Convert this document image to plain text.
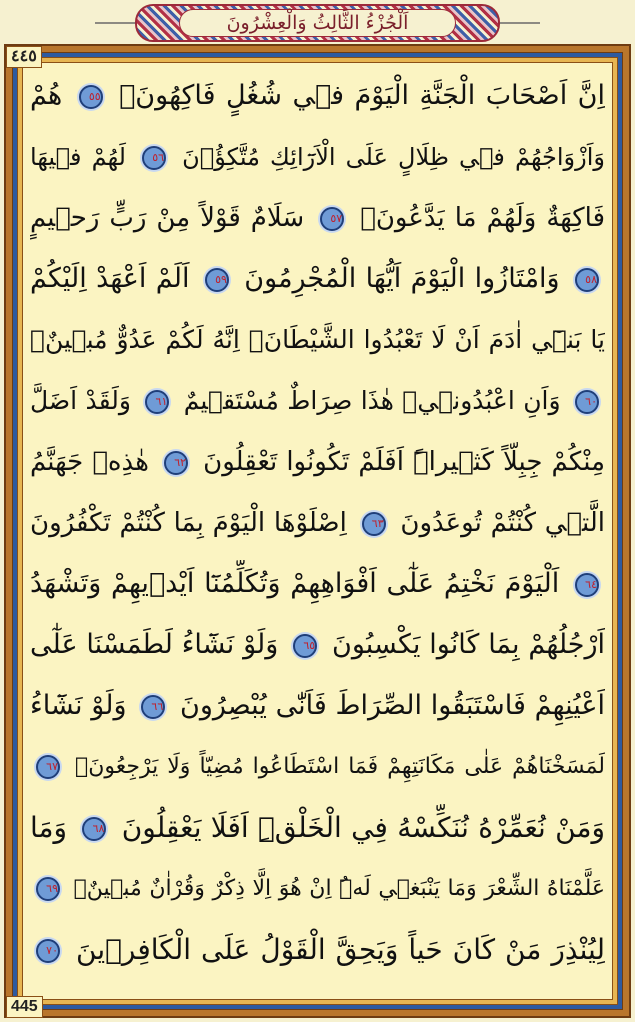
اَلْجُزْءُ الثَّالِثُ وَالْعِشْرُونَ
٤٤٥
445
اِنَّ اَصْحَابَ الْجَنَّةِ الْيَوْمَ ف۪ي شُغُلٍ فَاكِهُونَۚ ٥٥ هُمْ
وَاَزْوَاجُهُمْ ف۪ي ظِلَالٍ عَلَى الْاَرَٓائِكِ مُتَّكِؤُ۫نَ ٥٦ لَهُمْ ف۪يهَا
فَاكِهَةٌ وَلَهُمْ مَا يَدَّعُونَۚ ٥٧ سَلَامٌ قَوْلاً مِنْ رَبٍّ رَح۪يمٍ
٥٨ وَامْتَازُوا الْيَوْمَ اَيُّهَا الْمُجْرِمُونَ ٥٩ اَلَمْ اَعْهَدْ اِلَيْكُمْ
يَا بَن۪ٓي اٰدَمَ اَنْ لَا تَعْبُدُوا الشَّيْطَانَۚ اِنَّهُ لَكُمْ عَدُوٌّ مُب۪ينٌۙ
٦٠ وَاَنِ اعْبُدُون۪يۜ هٰذَا صِرَاطٌ مُسْتَق۪يمٌ ٦١ وَلَقَدْ اَضَلَّ
مِنْكُمْ جِبِلّاً كَث۪يراًۜ اَفَلَمْ تَكُونُوا تَعْقِلُونَ ٦٢ هٰذِه۪ جَهَنَّمُ
الَّت۪ي كُنْتُمْ تُوعَدُونَ ٦٣ اِصْلَوْهَا الْيَوْمَ بِمَا كُنْتُمْ تَكْفُرُونَ
٦٤ اَلْيَوْمَ نَخْتِمُ عَلٰٓى اَفْوَاهِهِمْ وَتُكَلِّمُنَٓا اَيْد۪يهِمْ وَتَشْهَدُ
اَرْجُلُهُمْ بِمَا كَانُوا يَكْسِبُونَ ٦٥ وَلَوْ نَشَٓاءُ لَطَمَسْنَا عَلٰٓى
اَعْيُنِهِمْ فَاسْتَبَقُوا الصِّرَاطَ فَاَنّٰى يُبْصِرُونَ ٦٦ وَلَوْ نَشَٓاءُ
لَمَسَخْنَاهُمْ عَلٰى مَكَانَتِهِمْ فَمَا اسْتَطَاعُوا مُضِيّاً وَلَا يَرْجِعُونَ۟ ٦٧
وَمَنْ نُعَمِّرْهُ نُنَكِّسْهُ فِي الْخَلْقِۜ اَفَلَا يَعْقِلُونَ ٦٨ وَمَا
عَلَّمْنَاهُ الشِّعْرَ وَمَا يَنْبَغ۪ي لَهُۜ اِنْ هُوَ اِلَّا ذِكْرٌ وَقُرْاٰنٌ مُب۪ينٌۙ ٦٩
لِيُنْذِرَ مَنْ كَانَ حَياً وَيَحِقَّ الْقَوْلُ عَلَى الْكَافِر۪ينَ ٧٠
